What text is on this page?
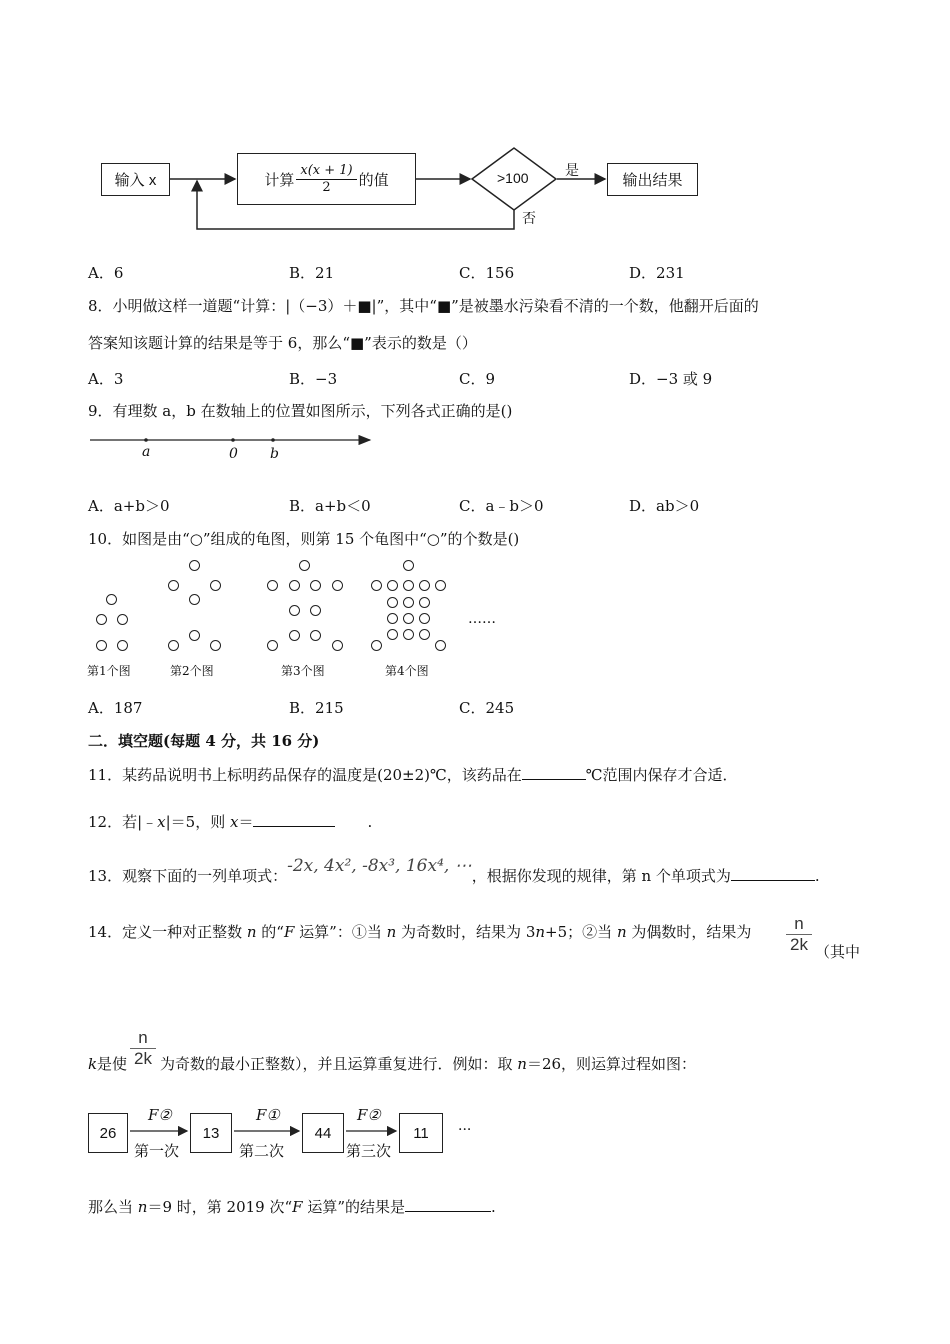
输入 x	计算 $\frac{x(x + 1)}{2}$ 的值	>100	是
否
输出结果
A．6	B．21	C．156	D．231
8．小明做这样一道题“计算：|（−3）＋■|”，其中“■”是被墨水污染看不清的一个数，他翻开后面的
答案知该题计算的结果是等于 6，那么“■”表示的数是（）
A．3	B．−3	C．9	D．−3 或 9
9．有理数 a，b 在数轴上的位置如图所示，下列各式正确的是()
a	0 b
A．a+b＞0	B．a+b＜0	C．a﹣b＞0	D．ab＞0
10．如图是由“○”组成的龟图，则第 15 个龟图中“○”的个数是()
第1个图	第2个图	第3个图	第4个图
……
A．187	B．215	C．245
二．填空题(每题 4 分，共 16 分)
11．某药品说明书上标明药品保存的温度是(20±2)℃，该药品在	℃范围内保存才合适．
12．若|﹣x|＝5，则 x＝	.
13．观察下面的一列单项式：-2x, 4x², -8x³, 16x⁴, ⋯，根据你发现的规律，第 n 个单项式为	.
14．定义一种对正整数 n 的“F 运算”：①当 n 为奇数时，结果为 3n+5；②当 n 为偶数时，结果为 $\frac{n}{2k}$ （其中
k 是使 $\frac{n}{2k}$ 为奇数的最小正整数），并且运算重复进行．例如：取 n＝26，则运算过程如图：
26	13	44	11
F②	F①	F②
第一次	第二次	第三次
···
那么当 n＝9 时，第 2019 次“F 运算”的结果是	.
